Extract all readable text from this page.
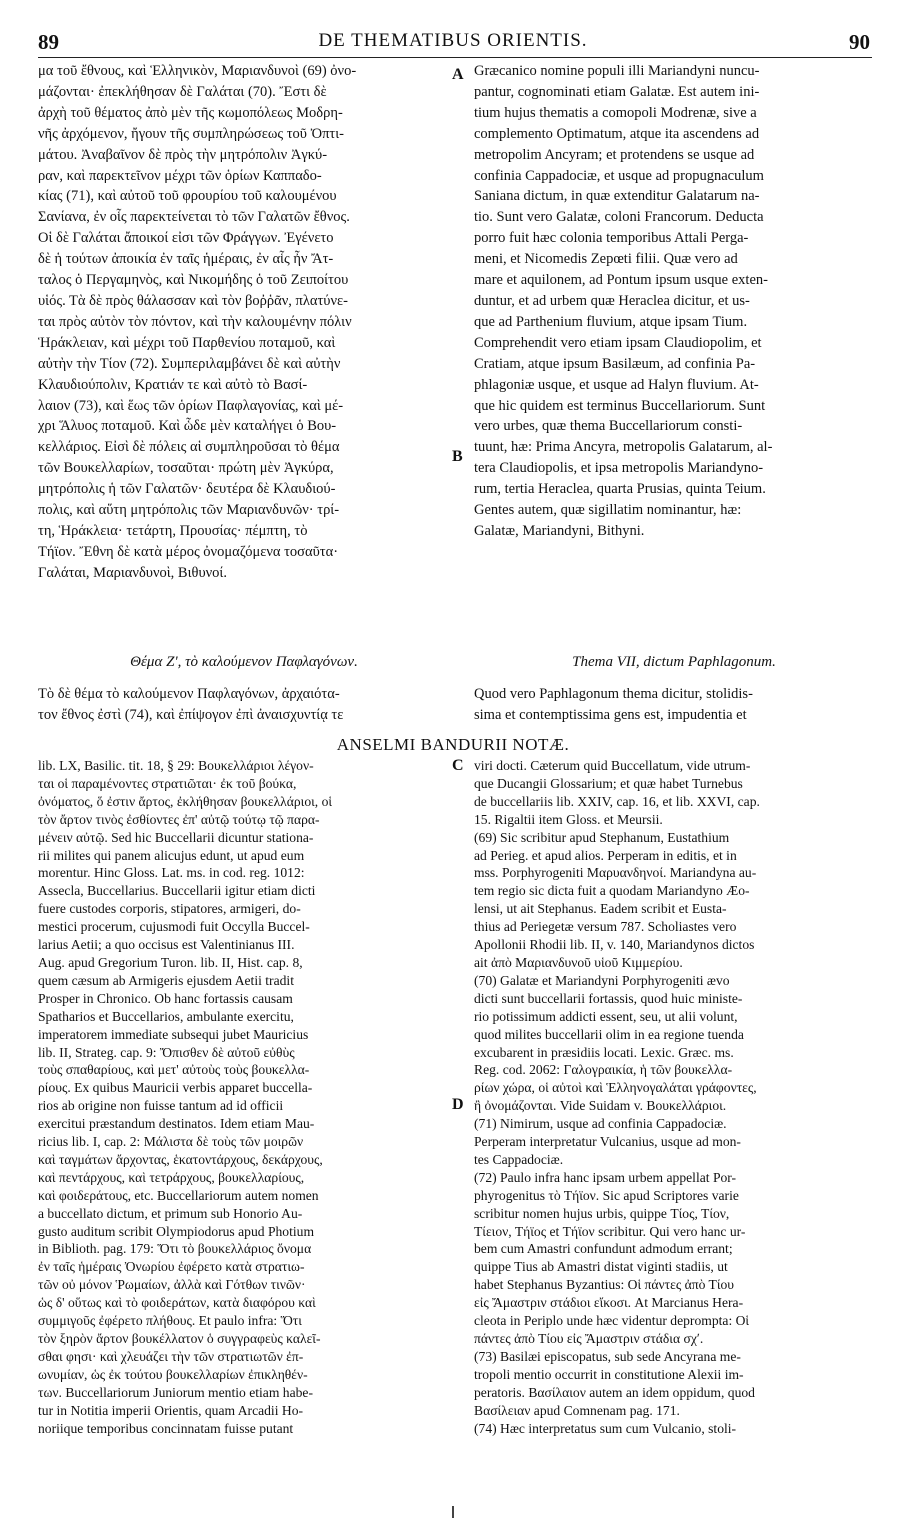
89	DE THEMATIBUS ORIENTIS.	90
μα τοῦ ἔθνους, καὶ Ἑλληνικὸν, Μαριανδυνοὶ (69) ὀνο-
μάζονται· ἐπεκλήθησαν δὲ Γαλάται (70). Ἔστι δὲ
ἀρχὴ τοῦ θέματος ἀπὸ μὲν τῆς κωμοπόλεως Μοδρη-
νῆς ἀρχόμενον, ἤγουν τῆς συμπληρώσεως τοῦ Ὀπτι-
μάτου. Ἀναβαῖνον δὲ πρὸς τὴν μητρόπολιν Ἀγκύ-
ραν, καὶ παρεκτεῖνον μέχρι τῶν ὁρίων Καππαδο-
κίας (71), καὶ αὐτοῦ τοῦ φρουρίου τοῦ καλουμένου
Σανίανα, ἐν οἷς παρεκτείνεται τὸ τῶν Γαλατῶν ἔθνος.
Οἱ δὲ Γαλάται ἄποικοί εἰσι τῶν Φράγγων. Ἐγένετο
δὲ ἡ τούτων ἀποικία ἐν ταῖς ἡμέραις, ἐν αἷς ἦν Ἄτ-
ταλος ὁ Περγαμηνὸς, καὶ Νικομήδης ὁ τοῦ Ζειποίτου
υἱός. Τὰ δὲ πρὸς θάλασσαν καὶ τὸν βοῤῥᾶν, πλατύνε-
ται πρὸς αὐτὸν τὸν πόντον, καὶ τὴν καλουμένην πόλιν
Ἡράκλειαν, καὶ μέχρι τοῦ Παρθενίου ποταμοῦ, καὶ
αὐτὴν τὴν Τίον (72). Συμπεριλαμβάνει δὲ καὶ αὐτὴν
Κλαυδιούπολιν, Κρατιάν τε καὶ αὐτὸ τὸ Βασί-
λαιον (73), καὶ ἕως τῶν ὁρίων Παφλαγονίας, καὶ μέ-
χρι Ἅλυος ποταμοῦ. Καὶ ὧδε μὲν καταλήγει ὁ Βου-
κελλάριος. Εἰσὶ δὲ πόλεις αἱ συμπληροῦσαι τὸ θέμα
τῶν Βουκελλαρίων, τοσαῦται· πρώτη μὲν Ἀγκύρα,
μητρόπολις ἡ τῶν Γαλατῶν· δευτέρα δὲ Κλαυδιού-
πολις, καὶ αὕτη μητρόπολις τῶν Μαριανδυνῶν· τρί-
τη, Ἡράκλεια· τετάρτη, Προυσίας· πέμπτη, τὸ
Τήϊον. Ἔθνη δὲ κατὰ μέρος ὀνομαζόμενα τοσαῦτα·
Γαλάται, Μαριανδυνοὶ, Βιθυνοί.
Græcanico nomine populi illi Mariandyni nuncu-
pantur, cognominati etiam Galatæ. Est autem ini-
tium hujus thematis a comopoli Modrenæ, sive a
complemento Optimatum, atque ita ascendens ad
metropolim Ancyram; et protendens se usque ad
confinia Cappadociæ, et usque ad propugnaculum
Saniana dictum, in quæ extenditur Galatarum na-
tio. Sunt vero Galatæ, coloni Francorum. Deducta
porro fuit hæc colonia temporibus Attali Perga-
meni, et Nicomedis Zepœti filii. Quæ vero ad
mare et aquilonem, ad Pontum ipsum usque exten-
duntur, et ad urbem quæ Heraclea dicitur, et us-
que ad Parthenium fluvium, atque ipsam Tium.
Comprehendit vero etiam ipsam Claudiopolim, et
Cratiam, atque ipsum Basilæum, ad confinia Pa-
phlagoniæ usque, et usque ad Halyn fluvium. At-
que hic quidem est terminus Buccellariorum. Sunt
vero urbes, quæ thema Buccellariorum consti-
tuunt, hæ: Prima Ancyra, metropolis Galatarum, al-
tera Claudiopolis, et ipsa metropolis Mariandyno-
rum, tertia Heraclea, quarta Prusias, quinta Teium.
Gentes autem, quæ sigillatim nominantur, hæ:
Galatæ, Mariandyni, Bithyni.
Θέμα Ζʹ, τὸ καλούμενον Παφλαγόνων.	Thema VII, dictum Paphlagonum.
Τὸ δὲ θέμα τὸ καλούμενον Παφλαγόνων, ἀρχαιότα-
τον ἔθνος ἐστὶ (74), καὶ ἐπίψογον ἐπὶ ἀναισχυντίᾳ τε
Quod vero Paphlagonum thema dicitur, stolidis-
sima et contemptissima gens est, impudentia et
ANSELMI BANDURII NOTÆ.
lib. LX, Basilic. tit. 18, § 29: Βουκελλάριοι λέγον-
ται οἱ παραμένοντες στρατιῶται· ἐκ τοῦ βούκα,
ὀνόματος, ὅ ἐστιν ἄρτος, ἐκλήθησαν βουκελλάριοι, οἱ
τὸν ἄρτον τινὸς ἐσθίοντες ἐπ' αὐτῷ τούτῳ τῷ παρα-
μένειν αὐτῷ. Sed hic Buccellarii dicuntur stationa-
rii milites qui panem alicujus edunt, ut apud eum
morentur. Hinc Gloss. Lat. ms. in cod. reg. 1012:
Assecla, Buccellarius. Buccellarii igitur etiam dicti
fuere custodes corporis, stipatores, armigeri, do-
mestici procerum, cujusmodi fuit Occylla Buccel-
larius Aetii; a quo occisus est Valentinianus III.
Aug. apud Gregorium Turon. lib. II, Hist. cap. 8,
quem cæsum ab Armigeris ejusdem Aetii tradit
Prosper in Chronico. Ob hanc fortassis causam
Spatharios et Buccellarios, ambulante exercitu,
imperatorem immediate subsequi jubet Mauricius
lib. II, Strateg. cap. 9: Ὄπισθεν δὲ αὐτοῦ εὐθὺς
τοὺς σπαθαρίους, καὶ μετ' αὐτοὺς τοὺς βουκελλα-
ρίους. Ex quibus Mauricii verbis apparet buccella-
rios ab origine non fuisse tantum ad id officii
exercitui præstandum destinatos. Idem etiam Mau-
ricius lib. I, cap. 2: Μάλιστα δὲ τοὺς τῶν μοιρῶν
καὶ ταγμάτων ἄρχοντας, ἑκατοντάρχους, δεκάρχους,
καὶ πεντάρχους, καὶ τετράρχους, βουκελλαρίους,
καὶ φοιδεράτους, etc. Buccellariorum autem nomen
a buccellato dictum, et primum sub Honorio Au-
gusto auditum scribit Olympiodorus apud Photium
in Biblioth. pag. 179: Ὅτι τὸ βουκελλάριος ὄνομα
ἐν ταῖς ἡμέραις Ὀνωρίου ἐφέρετο κατὰ στρατιω-
τῶν οὐ μόνον Ῥωμαίων, ἀλλὰ καὶ Γότθων τινῶν·
ὡς δ' οὕτως καὶ τὸ φοιδεράτων, κατὰ διαφόρου καὶ
συμμιγοῦς ἐφέρετο πλήθους. Et paulo infra: Ὅτι
τὸν ξηρὸν ἄρτον βουκέλλατον ὁ συγγραφεὺς καλεῖ-
σθαι φησι· καὶ χλευάζει τὴν τῶν στρατιωτῶν ἐπ-
ωνυμίαν, ὡς ἐκ τούτου βουκελλαρίων ἐπικληθέν-
των. Buccellariorum Juniorum mentio etiam habe-
tur in Notitia imperii Orientis, quam Arcadii Ho-
noriique temporibus concinnatam fuisse putant
viri docti. Cæterum quid Buccellatum, vide utrum-
que Ducangii Glossarium; et quæ habet Turnebus
de buccellariis lib. XXIV, cap. 16, et lib. XXVI, cap.
15. Rigaltii item Gloss. et Meursii.
(69) Sic scribitur apud Stephanum, Eustathium
ad Perieg. et apud alios. Perperam in editis, et in
mss. Porphyrogeniti Μαρυανδηνοί. Mariandyna au-
tem regio sic dicta fuit a quodam Mariandyno Æo-
lensi, ut ait Stephanus. Eadem scribit et Eusta-
thius ad Periegetæ versum 787. Scholiastes vero
Apollonii Rhodii lib. II, v. 140, Mariandynos dictos
ait ἀπὸ Μαριανδυνοῦ υἱοῦ Κιμμερίου.
(70) Galatæ et Mariandyni Porphyrogeniti ævo
dicti sunt buccellarii fortassis, quod huic ministe-
rio potissimum addicti essent, seu, ut alii volunt,
quod milites buccellarii olim in ea regione tuenda
excubarent in præsidiis locati. Lexic. Græc. ms.
Reg. cod. 2062: Γαλογραικία, ἡ τῶν βουκελλα-
ρίων χώρα, οἱ αὐτοὶ καὶ Ἑλληνογαλάται γράφοντες,
ἢ ὀνομάζονται. Vide Suidam v. Βουκελλάριοι.
(71) Nimirum, usque ad confinia Cappadociæ.
Perperam interpretatur Vulcanius, usque ad mon-
tes Cappadociæ.
(72) Paulo infra hanc ipsam urbem appellat Por-
phyrogenitus τὸ Τήϊον. Sic apud Scriptores varie
scribitur nomen hujus urbis, quippe Τίος, Τίον,
Τίειον, Τήϊος et Τήϊον scribitur. Qui vero hanc ur-
bem cum Amastri confundunt admodum errant;
quippe Tius ab Amastri distat viginti stadiis, ut
habet Stephanus Byzantius: Οἱ πάντες ἀπὸ Τίου
εἰς Ἄμαστριν στάδιοι εἴκοσι. At Marcianus Hera-
cleota in Periplo unde hæc videntur deprompta: Οἱ
πάντες ἀπὸ Τίου εἰς Ἄμαστριν στάδια σχʹ.
(73) Basilæi episcopatus, sub sede Ancyrana me-
tropoli mentio occurrit in constitutione Alexii im-
peratoris. Βασίλαιον autem an idem oppidum, quod
Βασίλειαν apud Comnenam pag. 171.
(74) Hæc interpretatus sum cum Vulcanio, stoli-
A
B
C
D
